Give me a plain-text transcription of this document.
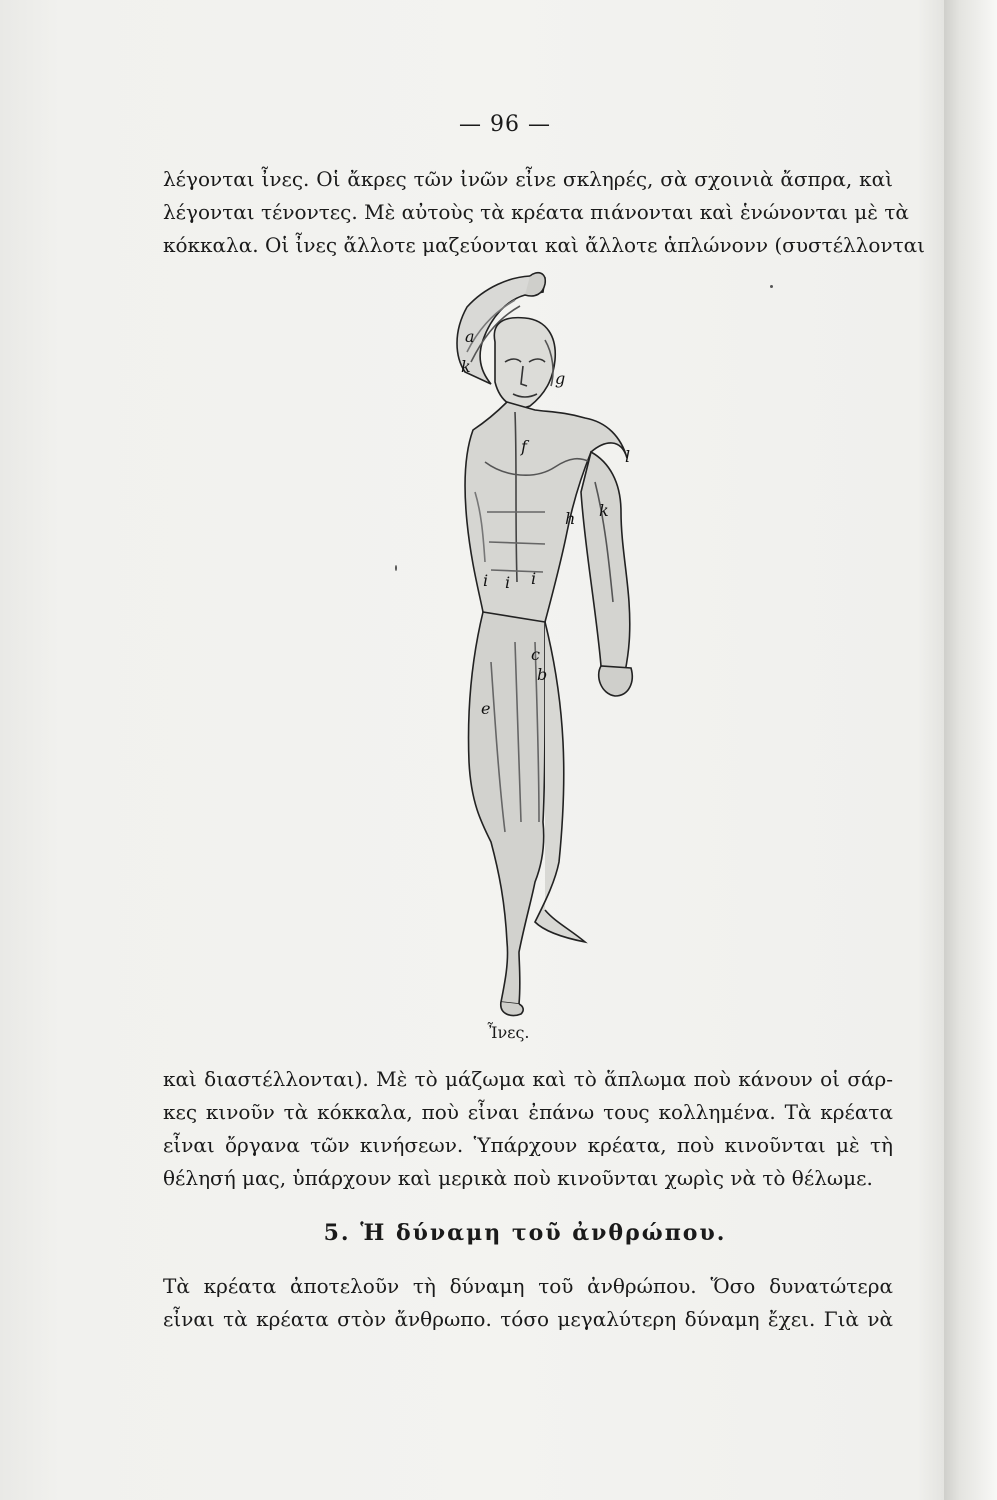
— 96 —
λέγονται ἶνες. Οἱ ἄκρες τῶν ἰνῶν εἶνε σκληρές, σὰ σχοινιὰ ἄσπρα, καὶ
λέγονται τένοντες. Μὲ αὐτοὺς τὰ κρέατα πιάνονται καὶ ἑνώνονται μὲ τὰ
κόκκαλα. Οἱ ἶνες ἄλλοτε μαζεύονται καὶ ἄλλοτε ἁπλώνονν (συστέλλονται
a
k
g
f
l
h k
i i i
c
b
e
Ἶνες.
καὶ διαστέλλονται). Μὲ τὸ μάζωμα καὶ τὸ ἅπλωμα ποὺ κάνουν οἱ σάρ-
κες κινοῦν τὰ κόκκαλα, ποὺ εἶναι ἐπάνω τους κολλημένα. Τὰ κρέατα
εἶναι ὄργανα τῶν κινήσεων. Ὑπάρχουν κρέατα, ποὺ κινοῦνται μὲ τὴ
θέλησή μας, ὑπάρχουν καὶ μερικὰ ποὺ κινοῦνται χωρὶς νὰ τὸ θέλωμε.
5. Ἡ δύναμη τοῦ ἀνθρώπου.
Τὰ κρέατα ἀποτελοῦν τὴ δύναμη τοῦ ἀνθρώπου. Ὅσο δυνατώτερα
εἶναι τὰ κρέατα στὸν ἄνθρωπο. τόσο μεγαλύτερη δύναμη ἔχει. Γιὰ νὰ
